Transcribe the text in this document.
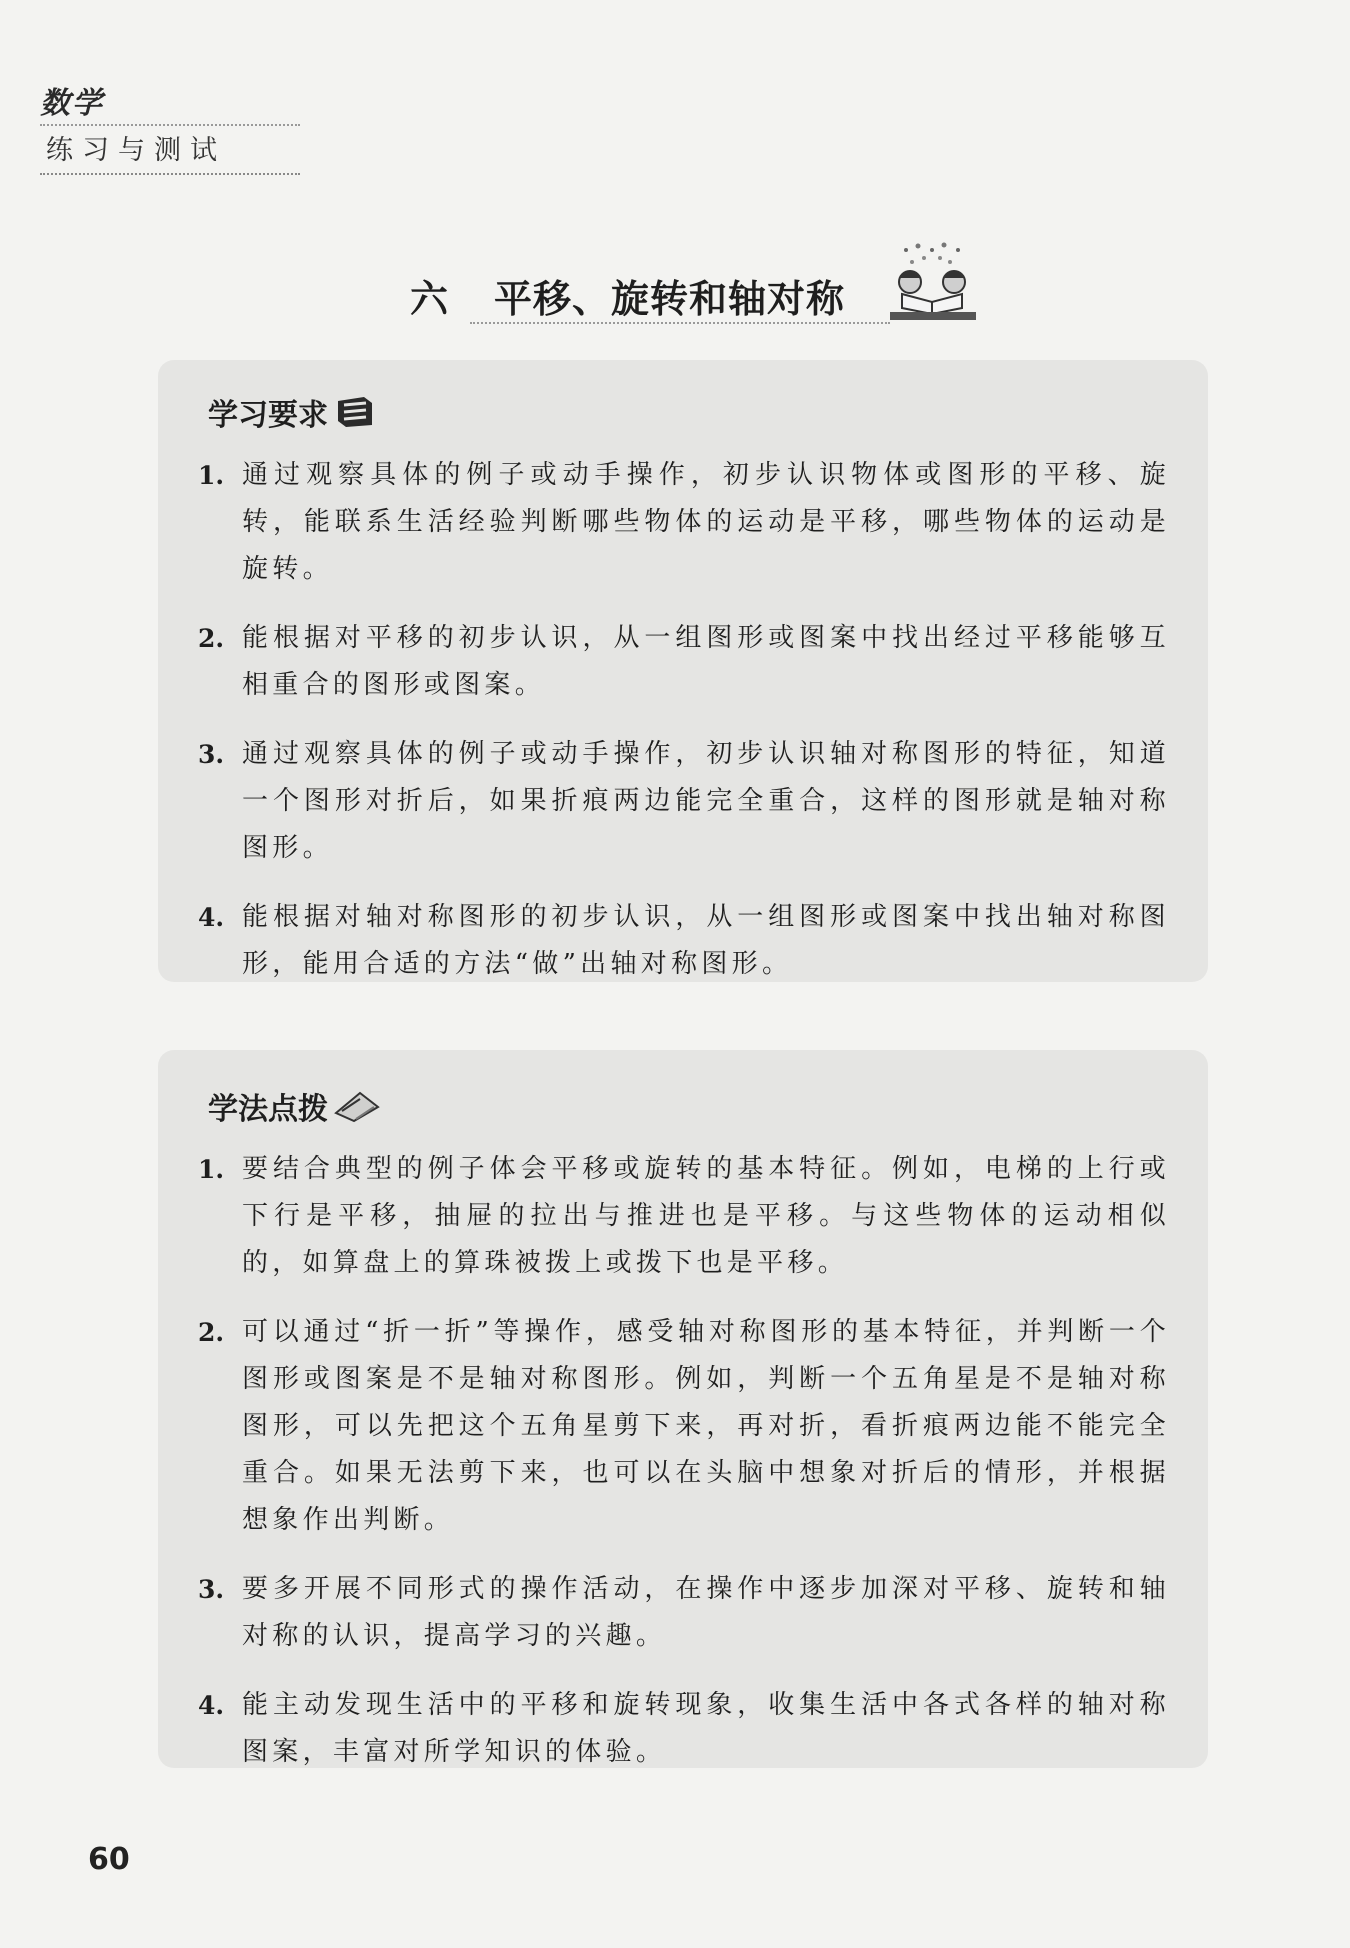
数学
练习与测试
六 平移、旋转和轴对称
学习要求
1. 通过观察具体的例子或动手操作，初步认识物体或图形的平移、旋转，能联系生活经验判断哪些物体的运动是平移，哪些物体的运动是旋转。
2. 能根据对平移的初步认识，从一组图形或图案中找出经过平移能够互相重合的图形或图案。
3. 通过观察具体的例子或动手操作，初步认识轴对称图形的特征，知道一个图形对折后，如果折痕两边能完全重合，这样的图形就是轴对称图形。
4. 能根据对轴对称图形的初步认识，从一组图形或图案中找出轴对称图形，能用合适的方法“做”出轴对称图形。
学法点拨
1. 要结合典型的例子体会平移或旋转的基本特征。例如，电梯的上行或下行是平移，抽屉的拉出与推进也是平移。与这些物体的运动相似的，如算盘上的算珠被拨上或拨下也是平移。
2. 可以通过“折一折”等操作，感受轴对称图形的基本特征，并判断一个图形或图案是不是轴对称图形。例如，判断一个五角星是不是轴对称图形，可以先把这个五角星剪下来，再对折，看折痕两边能不能完全重合。如果无法剪下来，也可以在头脑中想象对折后的情形，并根据想象作出判断。
3. 要多开展不同形式的操作活动，在操作中逐步加深对平移、旋转和轴对称的认识，提高学习的兴趣。
4. 能主动发现生活中的平移和旋转现象，收集生活中各式各样的轴对称图案，丰富对所学知识的体验。
60
